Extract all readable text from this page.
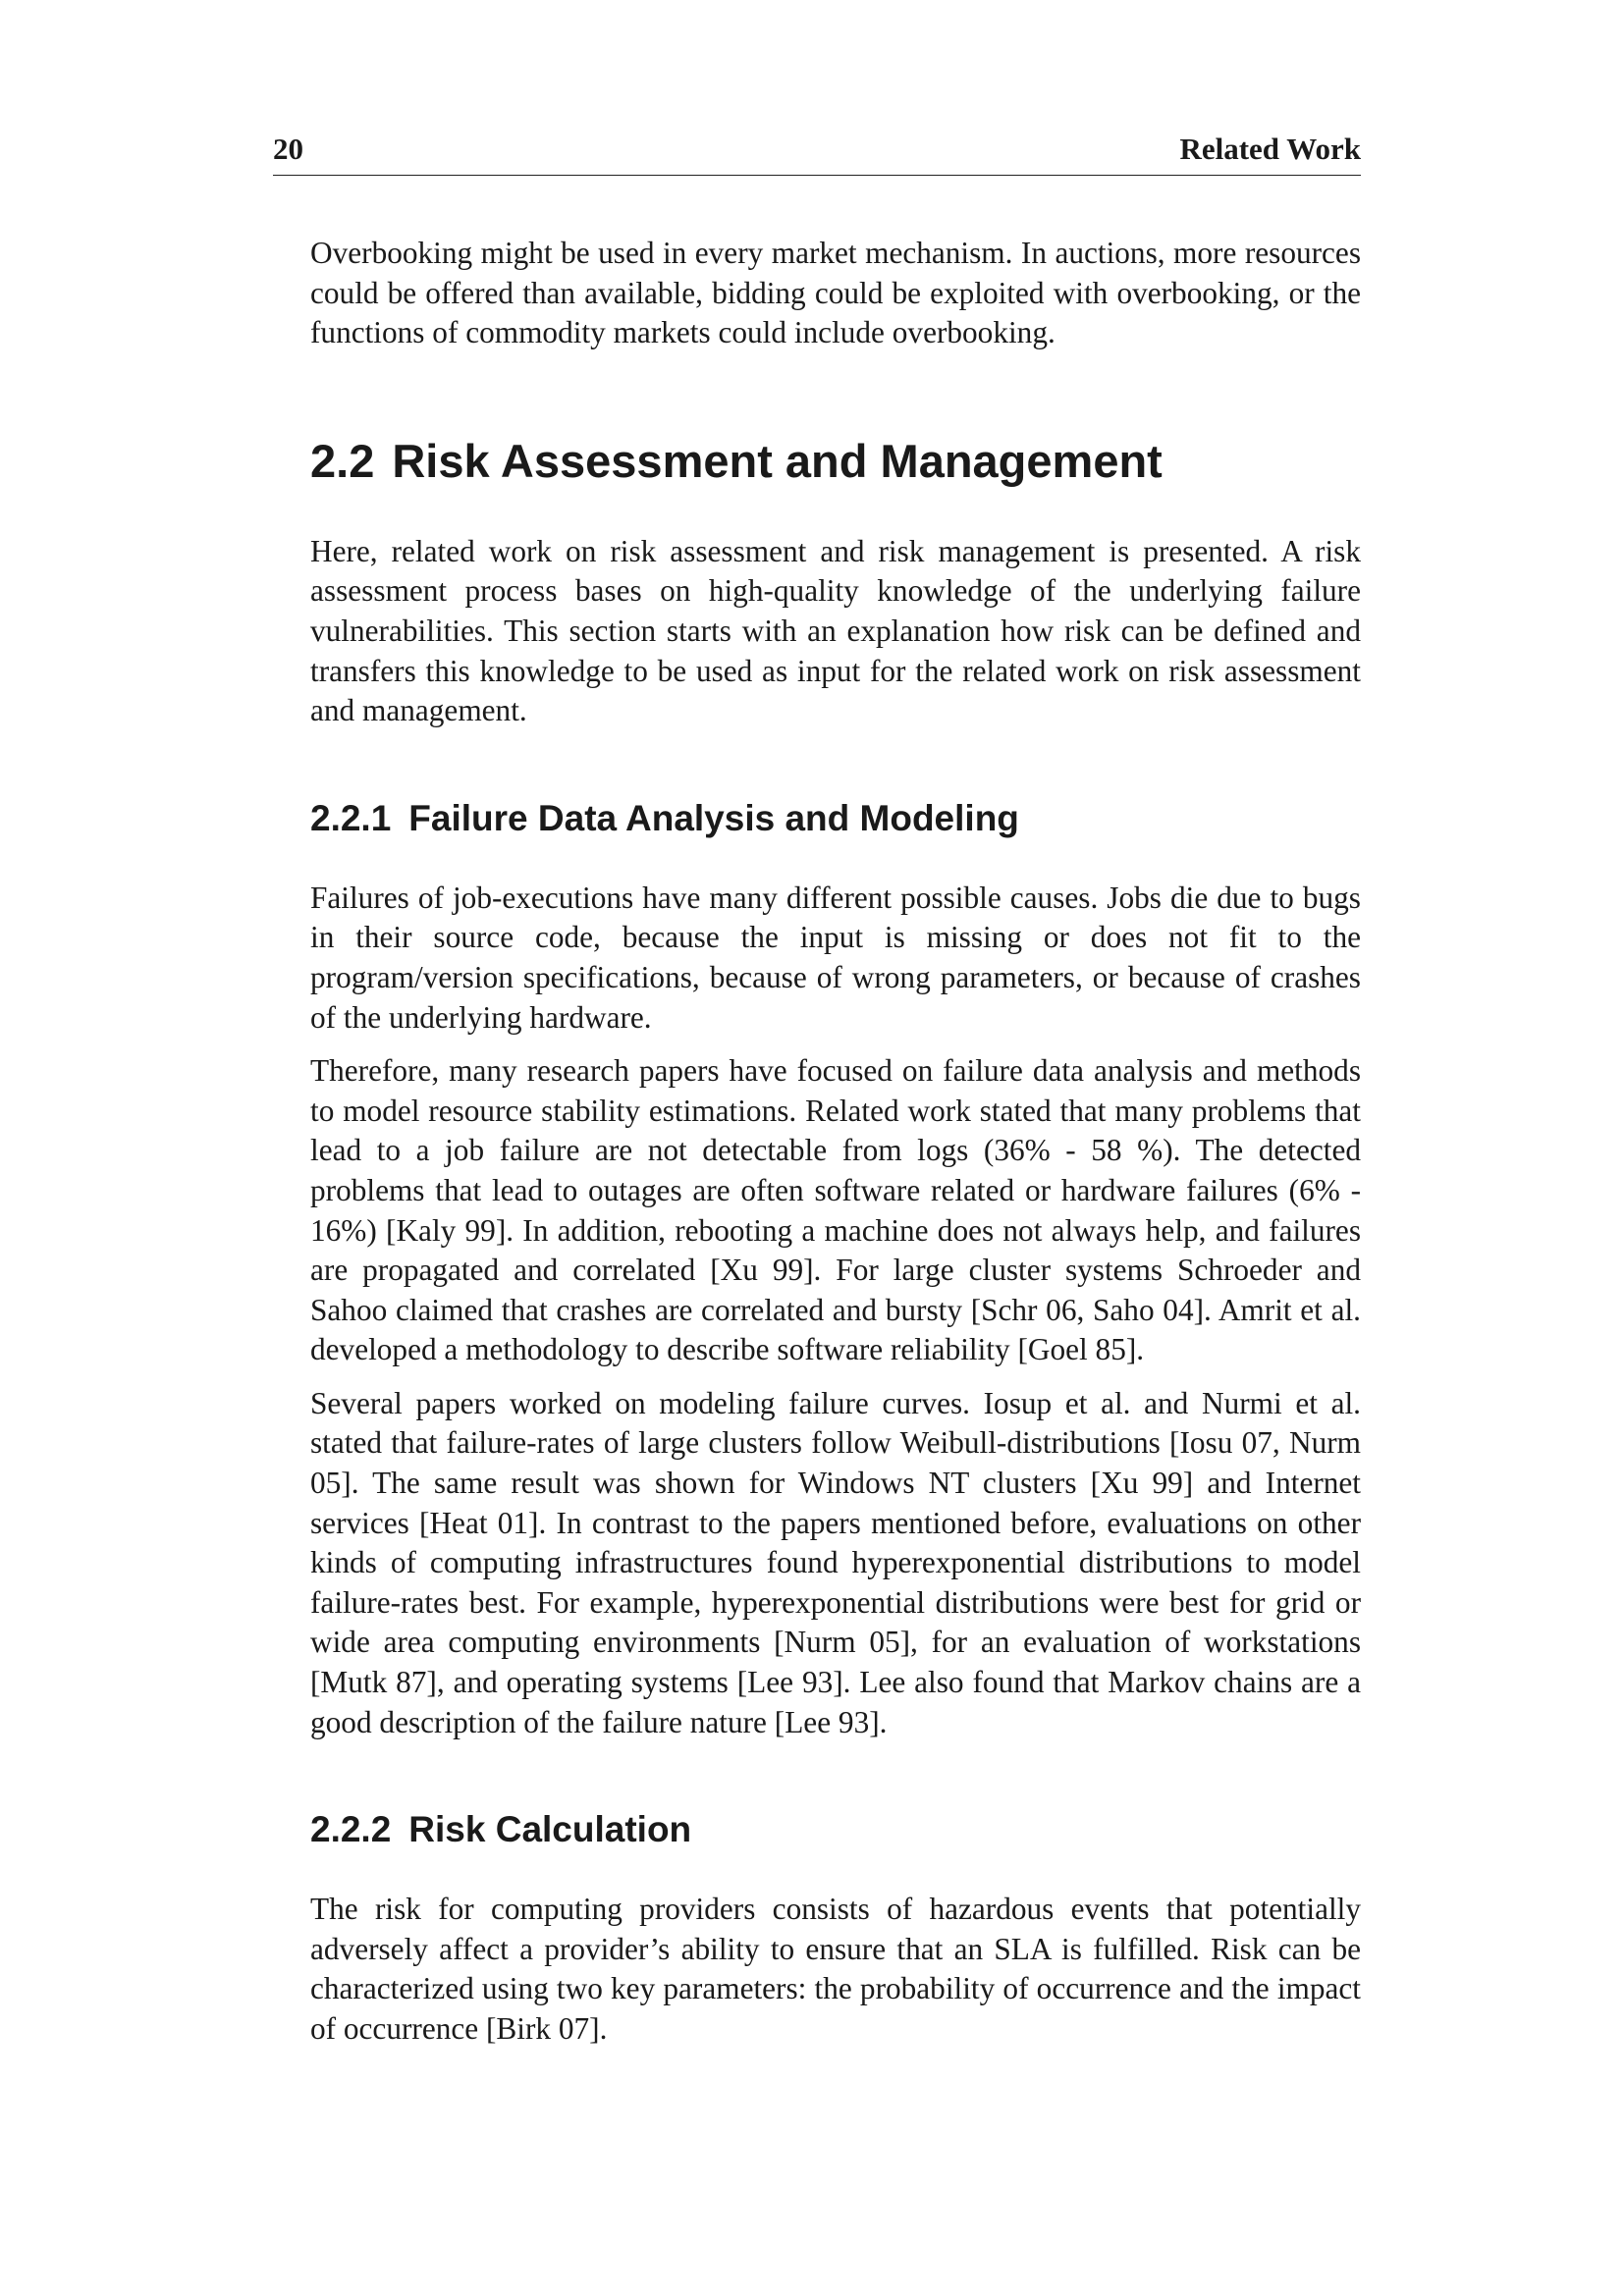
20	Related Work

Overbooking might be used in every market mechanism. In auctions, more resources could be offered than available, bidding could be exploited with overbooking, or the functions of commodity markets could include overbooking.

2.2 Risk Assessment and Management

Here, related work on risk assessment and risk management is presented. A risk assessment process bases on high-quality knowledge of the underlying failure vulnerabilities. This section starts with an explanation how risk can be defined and transfers this knowledge to be used as input for the related work on risk assessment and management.

2.2.1 Failure Data Analysis and Modeling

Failures of job-executions have many different possible causes. Jobs die due to bugs in their source code, because the input is missing or does not fit to the program/version specifications, because of wrong parameters, or because of crashes of the underlying hardware.

Therefore, many research papers have focused on failure data analysis and methods to model resource stability estimations. Related work stated that many problems that lead to a job failure are not detectable from logs (36% - 58 %). The detected problems that lead to outages are often software related or hardware failures (6% - 16%) [Kaly 99]. In addition, rebooting a machine does not always help, and failures are propagated and correlated [Xu 99]. For large cluster systems Schroeder and Sahoo claimed that crashes are correlated and bursty [Schr 06, Saho 04]. Amrit et al. developed a methodology to describe software reliability [Goel 85].

Several papers worked on modeling failure curves. Iosup et al. and Nurmi et al. stated that failure-rates of large clusters follow Weibull-distributions [Iosu 07, Nurm 05]. The same result was shown for Windows NT clusters [Xu 99] and Internet services [Heat 01]. In contrast to the papers mentioned before, evaluations on other kinds of computing infrastructures found hyperexponential distributions to model failure-rates best. For example, hyperexponential distributions were best for grid or wide area computing environments [Nurm 05], for an evaluation of workstations [Mutk 87], and operating systems [Lee 93]. Lee also found that Markov chains are a good description of the failure nature [Lee 93].

2.2.2 Risk Calculation

The risk for computing providers consists of hazardous events that potentially adversely affect a provider’s ability to ensure that an SLA is fulfilled. Risk can be characterized using two key parameters: the probability of occurrence and the impact of occurrence [Birk 07].
